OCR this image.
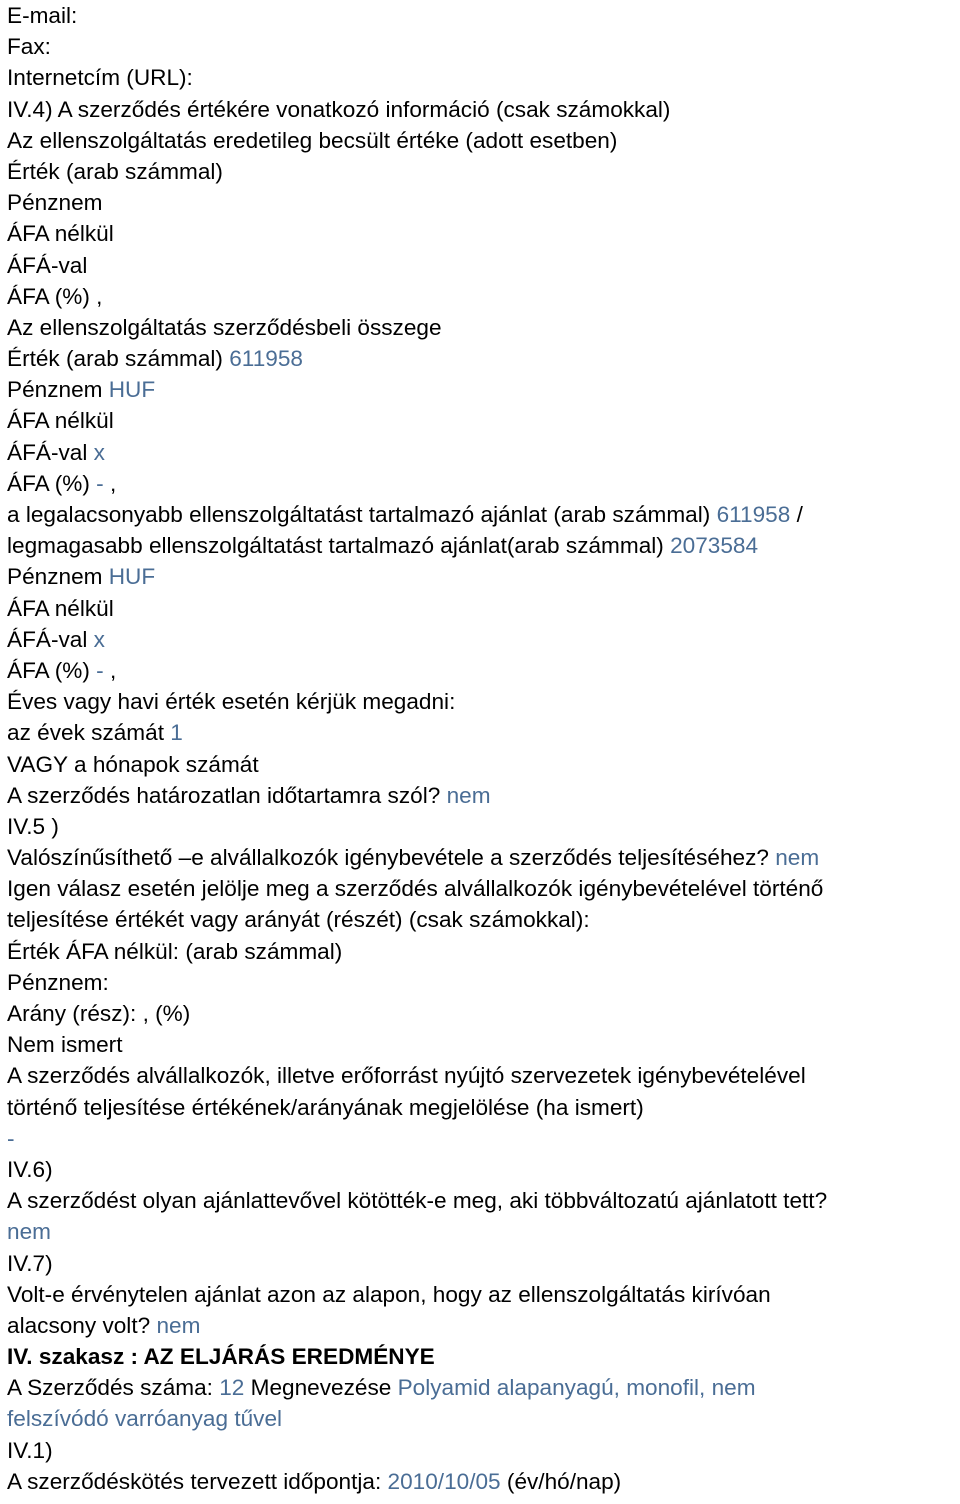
E-mail:
Fax:
Internetcím (URL):
IV.4) A szerződés értékére vonatkozó információ (csak számokkal)
Az ellenszolgáltatás eredetileg becsült értéke (adott esetben)
Érték (arab számmal)
Pénznem
ÁFA nélkül
ÁFÁ-val
ÁFA (%) ,
Az ellenszolgáltatás szerződésbeli összege
Érték (arab számmal) 611958
Pénznem HUF
ÁFA nélkül
ÁFÁ-val x
ÁFA (%) - ,
a legalacsonyabb ellenszolgáltatást tartalmazó ajánlat (arab számmal) 611958 /
legmagasabb ellenszolgáltatást tartalmazó ajánlat(arab számmal) 2073584
Pénznem HUF
ÁFA nélkül
ÁFÁ-val x
ÁFA (%) - ,
Éves vagy havi érték esetén kérjük megadni:
az évek számát 1
VAGY a hónapok számát
A szerződés határozatlan időtartamra szól? nem
IV.5 )
Valószínűsíthető –e alvállalkozók igénybevétele a szerződés teljesítéséhez? nem
Igen válasz esetén jelölje meg a szerződés alvállalkozók igénybevételével történő
teljesítése értékét vagy arányát (részét) (csak számokkal):
Érték ÁFA nélkül: (arab számmal)
Pénznem:
Arány (rész): , (%)
Nem ismert
A szerződés alvállalkozók, illetve erőforrást nyújtó szervezetek igénybevételével
történő teljesítése értékének/arányának megjelölése (ha ismert)
-
IV.6)
A szerződést olyan ajánlattevővel kötötték-e meg, aki többváltozatú ajánlatott tett?
nem
IV.7)
Volt-e érvénytelen ajánlat azon az alapon, hogy az ellenszolgáltatás kirívóan
alacsony volt? nem
IV. szakasz : AZ ELJÁRÁS EREDMÉNYE
A Szerződés száma: 12 Megnevezése Polyamid alapanyagú, monofil, nem
felszívódó varróanyag tűvel
IV.1)
A szerződéskötés tervezett időpontja: 2010/10/05 (év/hó/nap)
